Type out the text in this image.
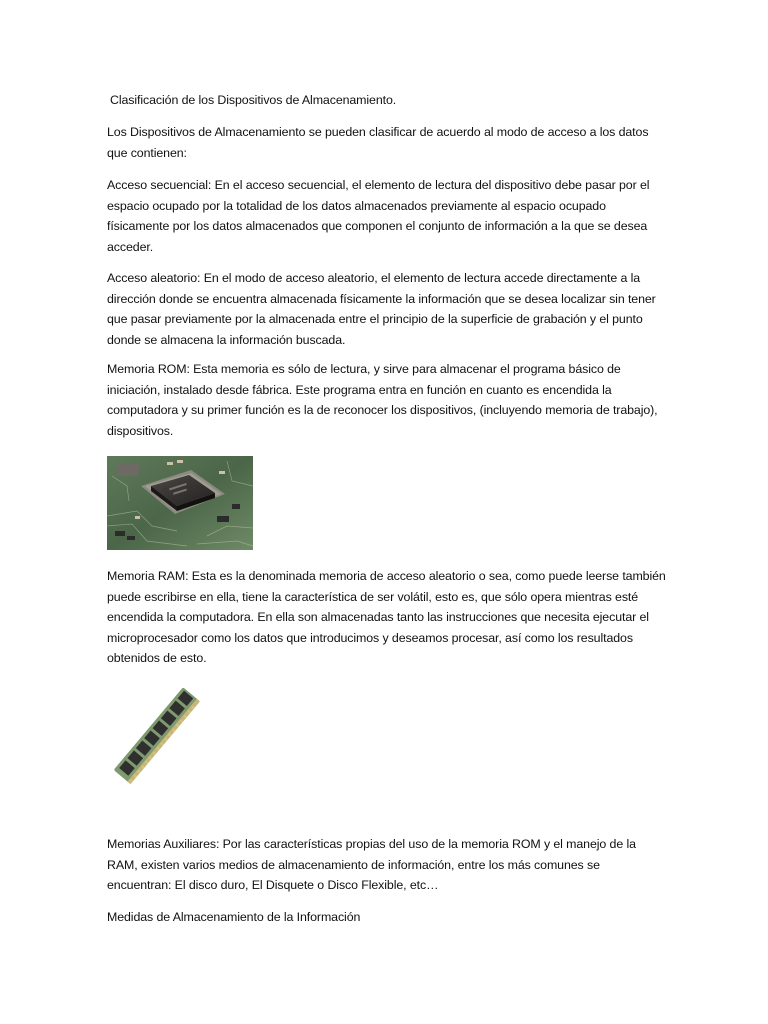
Clasificación de los Dispositivos de Almacenamiento.

Los Dispositivos de Almacenamiento se pueden clasificar de acuerdo al modo de acceso a los datos que contienen:

Acceso secuencial: En el acceso secuencial, el elemento de lectura del dispositivo debe pasar por el espacio ocupado por la totalidad de los datos almacenados previamente al espacio ocupado físicamente por los datos almacenados que componen el conjunto de información a la que se desea acceder.

Acceso aleatorio: En el modo de acceso aleatorio, el elemento de lectura accede directamente a la dirección donde se encuentra almacenada físicamente la información que se desea localizar sin tener que pasar previamente por la almacenada entre el principio de la superficie de grabación y el punto donde se almacena la información buscada.

Memoria ROM: Esta memoria es sólo de lectura, y sirve para almacenar el programa básico de iniciación, instalado desde fábrica. Este programa entra en función en cuanto es encendida la computadora y su primer función es la de reconocer los dispositivos, (incluyendo memoria de trabajo), dispositivos.

Memoria RAM: Esta es la denominada memoria de acceso aleatorio o sea, como puede leerse también puede escribirse en ella, tiene la característica de ser volátil, esto es, que sólo opera mientras esté encendida la computadora. En ella son almacenadas tanto las instrucciones que necesita ejecutar el microprocesador como los datos que introducimos y deseamos procesar, así como los resultados obtenidos de esto.

Memorias Auxiliares: Por las características propias del uso de la memoria ROM y el manejo de la RAM, existen varios medios de almacenamiento de información, entre los más comunes se encuentran: El disco duro, El Disquete o Disco Flexible, etc…

Medidas de Almacenamiento de la Información
